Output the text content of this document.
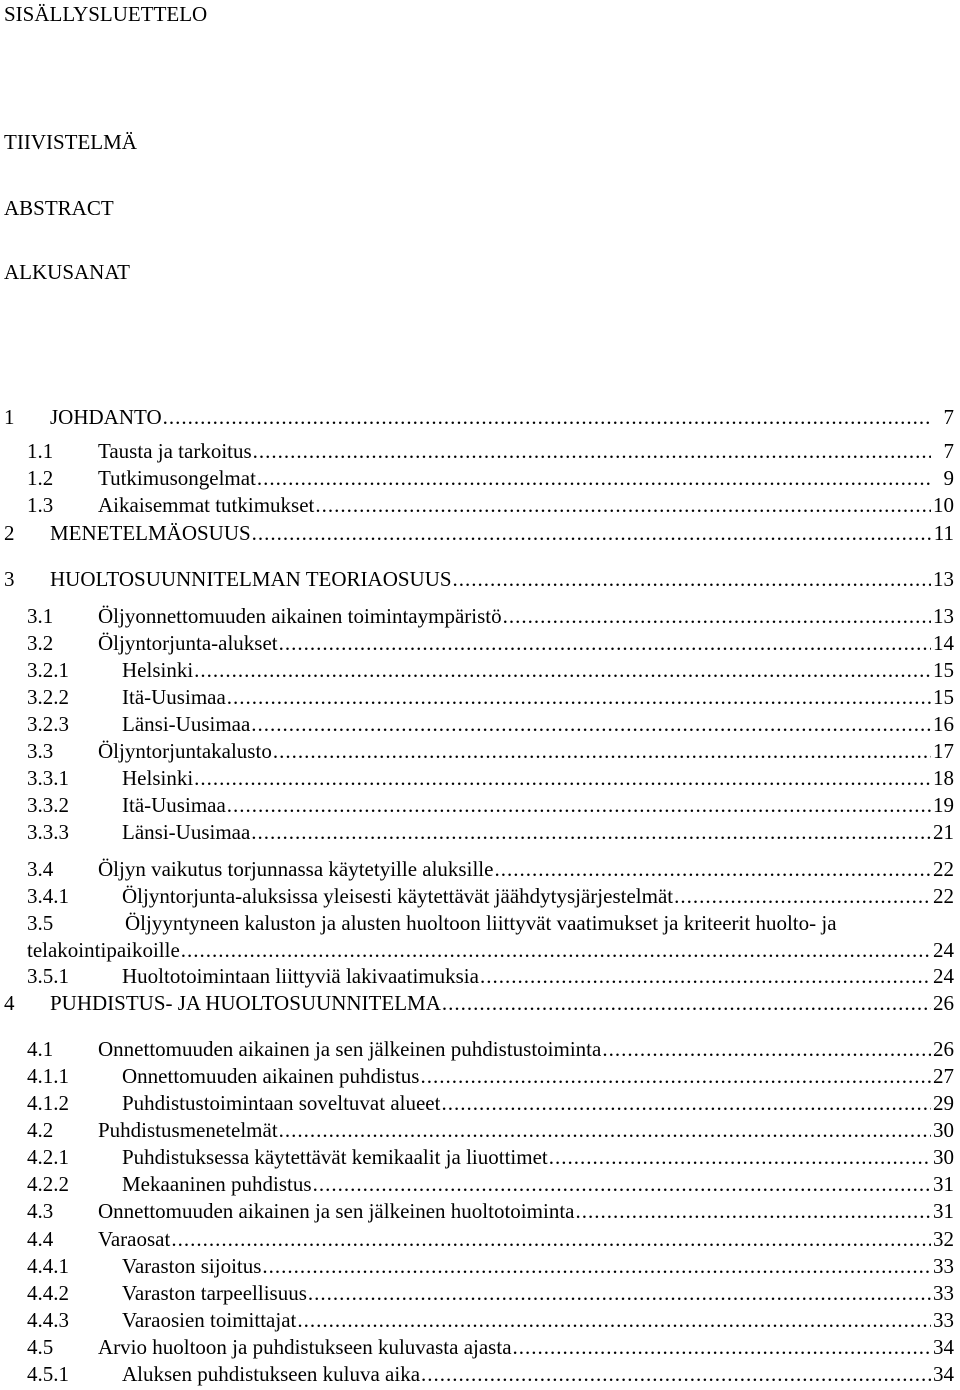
SISÄLLYSLUETTELO
TIIVISTELMÄ
ABSTRACT
ALKUSANAT
1 JOHDANTO .....	7
1.1 Tausta ja tarkoitus .....	7
1.2 Tutkimusongelmat .....	9
1.3 Aikaisemmat tutkimukset .....	10
2 MENETELMÄOSUUS .....	11
3 HUOLTOSUUNNITELMAN TEORIAOSUUS .....	13
3.1 Öljyonnettomuuden aikainen toimintaympäristö .....	13
3.2 Öljyntorjunta-alukset .....	14
3.2.1	Helsinki .....	15
3.2.2	Itä-Uusimaa .....	15
3.2.3	Länsi-Uusimaa .....	16
3.3 Öljyntorjuntakalusto .....	17
3.3.1	Helsinki .....	18
3.3.2	Itä-Uusimaa .....	19
3.3.3	Länsi-Uusimaa .....	21
3.4 Öljyn vaikutus torjunnassa käytetyille aluksille .....	22
3.4.1	Öljyntorjunta-aluksissa yleisesti käytettävät jäähdytysjärjestelmät .....	22
3.5	Öljyyntyneen kaluston ja alusten huoltoon liittyvät vaatimukset ja kriteerit huolto- ja
telakointipaikoille .....	24
3.5.1	Huoltotoimintaan liittyviä lakivaatimuksia .....	24
4 PUHDISTUS- JA HUOLTOSUUNNITELMA .....	26
4.1 Onnettomuuden aikainen ja sen jälkeinen puhdistustoiminta .....	26
4.1.1	Onnettomuuden aikainen puhdistus .....	27
4.1.2	Puhdistustoimintaan soveltuvat alueet .....	29
4.2 Puhdistusmenetelmät .....	30
4.2.1	Puhdistuksessa käytettävät kemikaalit ja liuottimet .....	30
4.2.2	Mekaaninen puhdistus .....	31
4.3 Onnettomuuden aikainen ja sen jälkeinen huoltotoiminta .....	31
4.4 Varaosat .....	32
4.4.1	Varaston sijoitus .....	33
4.4.2	Varaston tarpeellisuus .....	33
4.4.3	Varaosien toimittajat .....	33
4.5 Arvio huoltoon ja puhdistukseen kuluvasta ajasta .....	34
4.5.1	Aluksen puhdistukseen kuluva aika .....	34
